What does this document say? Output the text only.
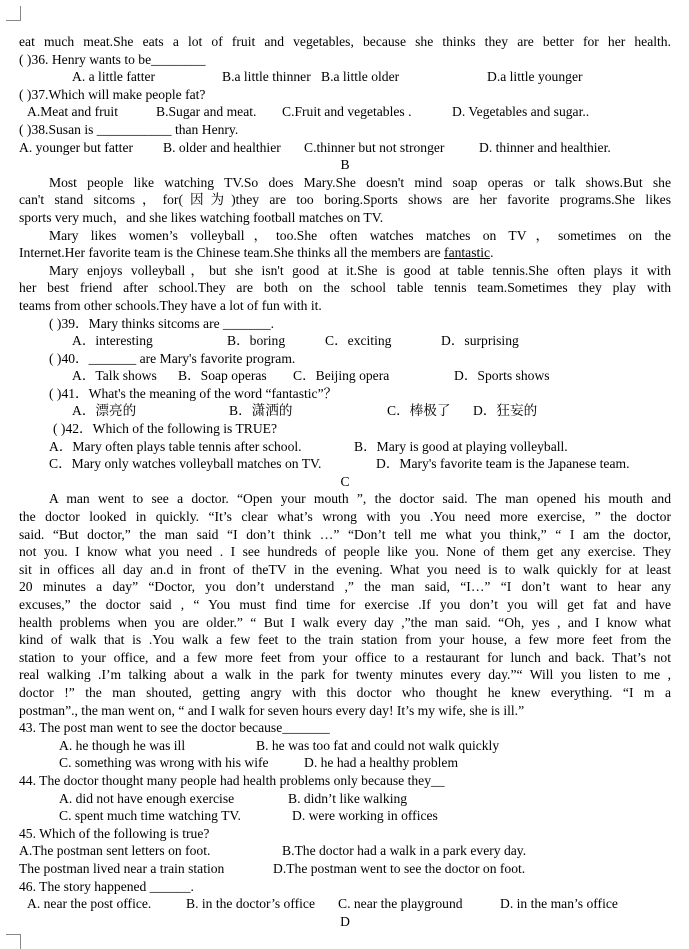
eat much meat.She eats a lot of fruit and vegetables, because she thinks they are better for her health.
( )36. Henry wants to be________
A. a little fatter	B.a little thinner B.a little older	D.a little younger
( )37.Which will make people fat?
A.Meat and fruit	B.Sugar and meat. C.Fruit and vegetables .	D. Vegetables and sugar..
( )38.Susan is ___________ than Henry.
A. younger but fatter B. older and healthier C.thinner but not stronger	D. thinner and healthier.
B
Most people like watching TV.So does Mary.She doesn't mind soap operas or talk shows.But she
can't stand sitcoms，for(因为)they are too boring.Sports shows are her favorite programs.She likes
sports very much，and she likes watching football matches on TV.
Mary likes women’s volleyball，too.She often watches matches on TV，sometimes on the
Internet.Her favorite team is the Chinese team.She thinks all the members are fantastic.
Mary enjoys volleyball，but she isn't good at it.She is good at table tennis.She often plays it with
her best friend after school.They are both on the school table tennis team.Sometimes they play with
teams from other schools.They have a lot of fun with it.
( )39．Mary thinks sitcoms are _______.
A．interesting	B．boring	C．exciting	D．surprising
( )40．_______ are Mary's favorite program.
A．Talk shows B．Soap operas C．Beijing opera	D．Sports shows
( )41．What's the meaning of the word “fantastic”？
A．漂亮的	B．潇洒的	C．棒极了 D．狂妄的
( )42．Which of the following is TRUE?
A．Mary often plays table tennis after school.	B．Mary is good at playing volleyball.
C．Mary only watches volleyball matches on TV.	D．Mary's favorite team is the Japanese team.
C
A man went to see a doctor. “Open your mouth ”, the doctor said. The man opened his mouth and
the doctor looked in quickly. “It’s clear what’s wrong with you .You need more exercise, ” the doctor
said. “But doctor,” the man said “I don’t think …” “Don’t tell me what you think,” “ I am the doctor,
not you. I know what you need . I see hundreds of people like you. None of them get any exercise. They
sit in offices all day an.d in front of theTV in the evening. What you need is to walk quickly for at least
20 minutes a day” “Doctor, you don’t understand ,” the man said, “I…” “I don’t want to hear any
excuses,” the doctor said , “ You must find time for exercise .If you don’t you will get fat and have
health problems when you are older.” “ But I walk every day ,”the man said. “Oh, yes , and I know what
kind of walk that is .You walk a few feet to the train station from your house, a few more feet from the
station to your office, and a few more feet from your office to a restaurant for lunch and back. That’s not
real walking .I’m talking about a walk in the park for twenty minutes every day.”“ Will you listen to me ,
doctor !” the man shouted, getting angry with this doctor who thought he knew everything. “I m a
postman”., the man went on, “ and I walk for seven hours every day! It’s my wife, she is ill.”
43. The post man went to see the doctor because_______
A. he though he was ill	B. he was too fat and could not walk quickly
C. something was wrong with his wife	D. he had a healthy problem
44. The doctor thought many people had health problems only because they__
A. did not have enough exercise	B. didn’t like walking
C. spent much time watching TV.	D. were working in offices
45. Which of the following is true?
A.The postman sent letters on foot.	B.The doctor had a walk in a park every day.
The postman lived near a train station	D.The postman went to see the doctor on foot.
46. The story happened ______.
A. near the post office.	B. in the doctor’s office C. near the playground	D. in the man’s office
D
